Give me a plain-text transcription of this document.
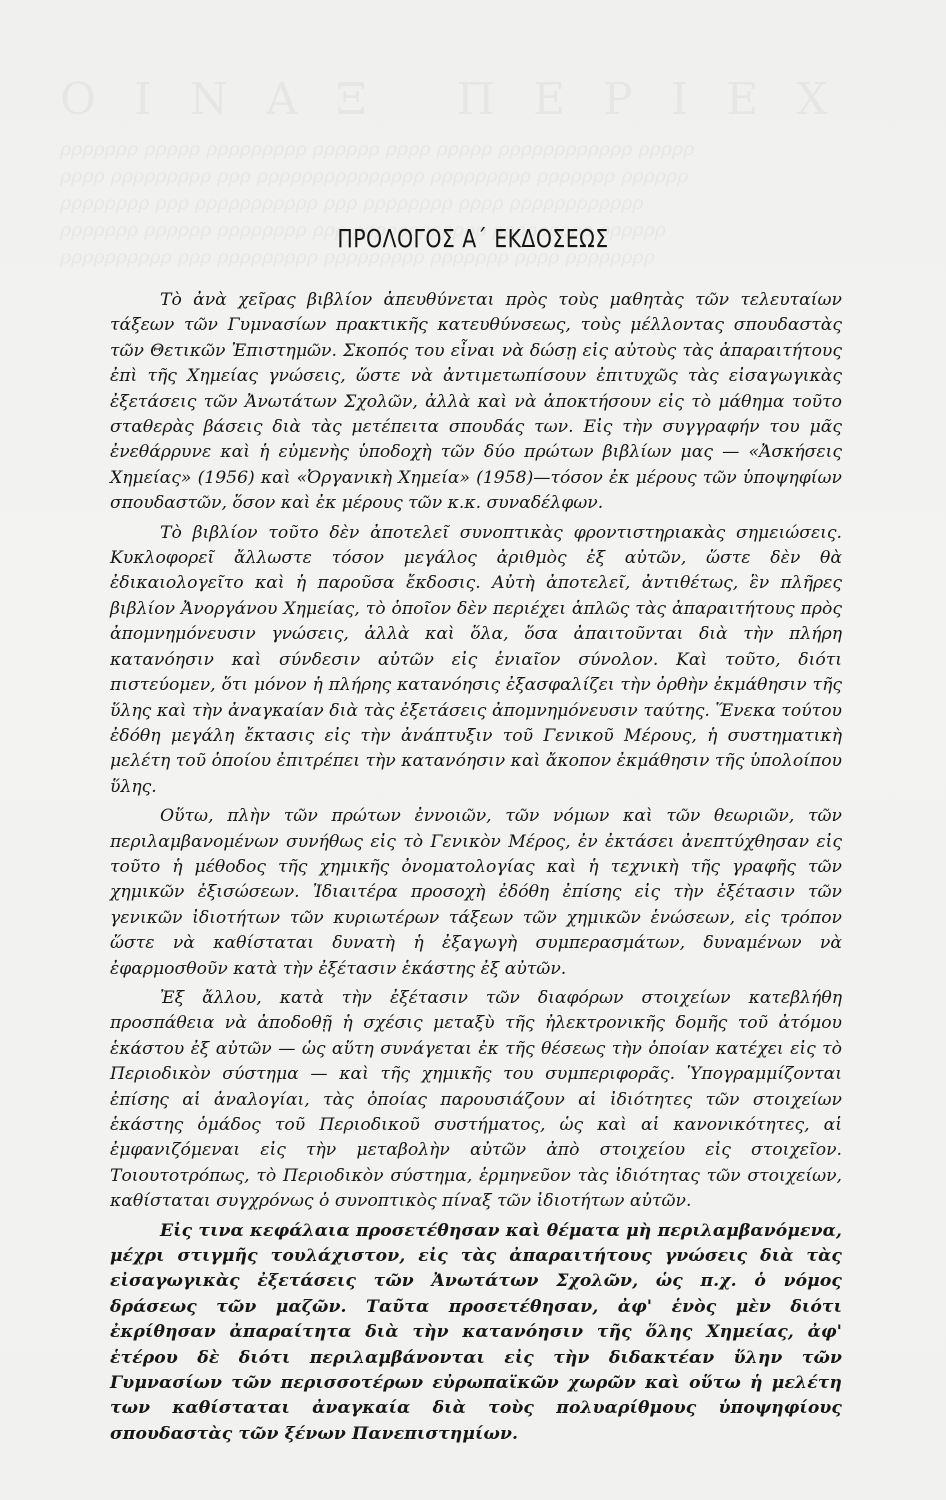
ΠΡΟΛΟΓΟΣ Α΄ ΕΚΔΟΣΕΩΣ

Τὸ ἀνὰ χεῖρας βιβλίον ἀπευθύνεται πρὸς τοὺς μαθητὰς τῶν τελευταίων τάξεων τῶν Γυμνασίων πρακτικῆς κατευθύνσεως, τοὺς μέλλοντας σπουδαστὰς τῶν Θετικῶν Ἐπιστημῶν. Σκοπός του εἶναι νὰ δώσῃ εἰς αὐτοὺς τὰς ἀπαραιτήτους ἐπὶ τῆς Χημείας γνώσεις, ὥστε νὰ ἀντιμετωπίσουν ἐπιτυχῶς τὰς εἰσαγωγικὰς ἐξετάσεις τῶν Ἀνωτάτων Σχολῶν, ἀλλὰ καὶ νὰ ἀποκτήσουν εἰς τὸ μάθημα τοῦτο σταθερὰς βάσεις διὰ τὰς μετέπειτα σπουδάς των. Εἰς τὴν συγγραφήν του μᾶς ἐνεθάρρυνε καὶ ἡ εὐμενὴς ὑποδοχὴ τῶν δύο πρώτων βιβλίων μας — «Ἀσκήσεις Χημείας» (1956) καὶ «Ὀργανικὴ Χημεία» (1958)—τόσον ἐκ μέρους τῶν ὑποψηφίων σπουδαστῶν, ὅσον καὶ ἐκ μέρους τῶν κ.κ. συναδέλφων.

Τὸ βιβλίον τοῦτο δὲν ἀποτελεῖ συνοπτικὰς φροντιστηριακὰς σημειώσεις. Κυκλοφορεῖ ἄλλωστε τόσον μεγάλος ἀριθμὸς ἐξ αὐτῶν, ὥστε δὲν θὰ ἐδικαιολογεῖτο καὶ ἡ παροῦσα ἔκδοσις. Αὐτὴ ἀποτελεῖ, ἀντιθέτως, ἓν πλῆρες βιβλίον Ἀνοργάνου Χημείας, τὸ ὁποῖον δὲν περιέχει ἁπλῶς τὰς ἀπαραιτήτους πρὸς ἀπομνημόνευσιν γνώσεις, ἀλλὰ καὶ ὅλα, ὅσα ἀπαιτοῦνται διὰ τὴν πλήρη κατανόησιν καὶ σύνδεσιν αὐτῶν εἰς ἑνιαῖον σύνολον. Καὶ τοῦτο, διότι πιστεύομεν, ὅτι μόνον ἡ πλήρης κατανόησις ἐξασφαλίζει τὴν ὀρθὴν ἐκμάθησιν τῆς ὕλης καὶ τὴν ἀναγκαίαν διὰ τὰς ἐξετάσεις ἀπομνημόνευσιν ταύτης. Ἕνεκα τούτου ἐδόθη μεγάλη ἔκτασις εἰς τὴν ἀνάπτυξιν τοῦ Γενικοῦ Μέρους, ἡ συστηματικὴ μελέτη τοῦ ὁποίου ἐπιτρέπει τὴν κατανόησιν καὶ ἄκοπον ἐκμάθησιν τῆς ὑπολοίπου ὕλης.

Οὕτω, πλὴν τῶν πρώτων ἐννοιῶν, τῶν νόμων καὶ τῶν θεωριῶν, τῶν περιλαμβανομένων συνήθως εἰς τὸ Γενικὸν Μέρος, ἐν ἐκτάσει ἀνεπτύχθησαν εἰς τοῦτο ἡ μέθοδος τῆς χημικῆς ὀνοματολογίας καὶ ἡ τεχνικὴ τῆς γραφῆς τῶν χημικῶν ἐξισώσεων. Ἰδιαιτέρα προσοχὴ ἐδόθη ἐπίσης εἰς τὴν ἐξέτασιν τῶν γενικῶν ἰδιοτήτων τῶν κυριωτέρων τάξεων τῶν χημικῶν ἑνώσεων, εἰς τρόπον ὥστε νὰ καθίσταται δυνατὴ ἡ ἐξαγωγὴ συμπερασμάτων, δυναμένων νὰ ἐφαρμοσθοῦν κατὰ τὴν ἐξέτασιν ἑκάστης ἐξ αὐτῶν.

Ἐξ ἄλλου, κατὰ τὴν ἐξέτασιν τῶν διαφόρων στοιχείων κατεβλήθη προσπάθεια νὰ ἀποδοθῇ ἡ σχέσις μεταξὺ τῆς ἠλεκτρονικῆς δομῆς τοῦ ἀτόμου ἑκάστου ἐξ αὐτῶν — ὡς αὕτη συνάγεται ἐκ τῆς θέσεως τὴν ὁποίαν κατέχει εἰς τὸ Περιοδικὸν σύστημα — καὶ τῆς χημικῆς του συμπεριφορᾶς. Ὑπογραμμίζονται ἐπίσης αἱ ἀναλογίαι, τὰς ὁποίας παρουσιάζουν αἱ ἰδιότητες τῶν στοιχείων ἑκάστης ὁμάδος τοῦ Περιοδικοῦ συστήματος, ὡς καὶ αἱ κανονικότητες, αἱ ἐμφανιζόμεναι εἰς τὴν μεταβολὴν αὐτῶν ἀπὸ στοιχείου εἰς στοιχεῖον. Τοιουτοτρόπως, τὸ Περιοδικὸν σύστημα, ἑρμηνεῦον τὰς ἰδιότητας τῶν στοιχείων, καθίσταται συγχρόνως ὁ συνοπτικὸς πίναξ τῶν ἰδιοτήτων αὐτῶν.

Εἰς τινα κεφάλαια προσετέθησαν καὶ θέματα μὴ περιλαμβανόμενα, μέχρι στιγμῆς τουλάχιστον, εἰς τὰς ἀπαραιτήτους γνώσεις διὰ τὰς εἰσαγωγικὰς ἐξετάσεις τῶν Ἀνωτάτων Σχολῶν, ὡς π.χ. ὁ νόμος δράσεως τῶν μαζῶν. Ταῦτα προσετέθησαν, ἀφ' ἑνὸς μὲν διότι ἐκρίθησαν ἀπαραίτητα διὰ τὴν κατανόησιν τῆς ὅλης Χημείας, ἀφ' ἑτέρου δὲ διότι περιλαμβάνονται εἰς τὴν διδακτέαν ὕλην τῶν Γυμνασίων τῶν περισσοτέρων εὐρωπαϊκῶν χωρῶν καὶ οὕτω ἡ μελέτη των καθίσταται ἀναγκαία διὰ τοὺς πολυαρίθμους ὑποψηφίους σπουδαστὰς τῶν ξένων Πανεπιστημίων.
